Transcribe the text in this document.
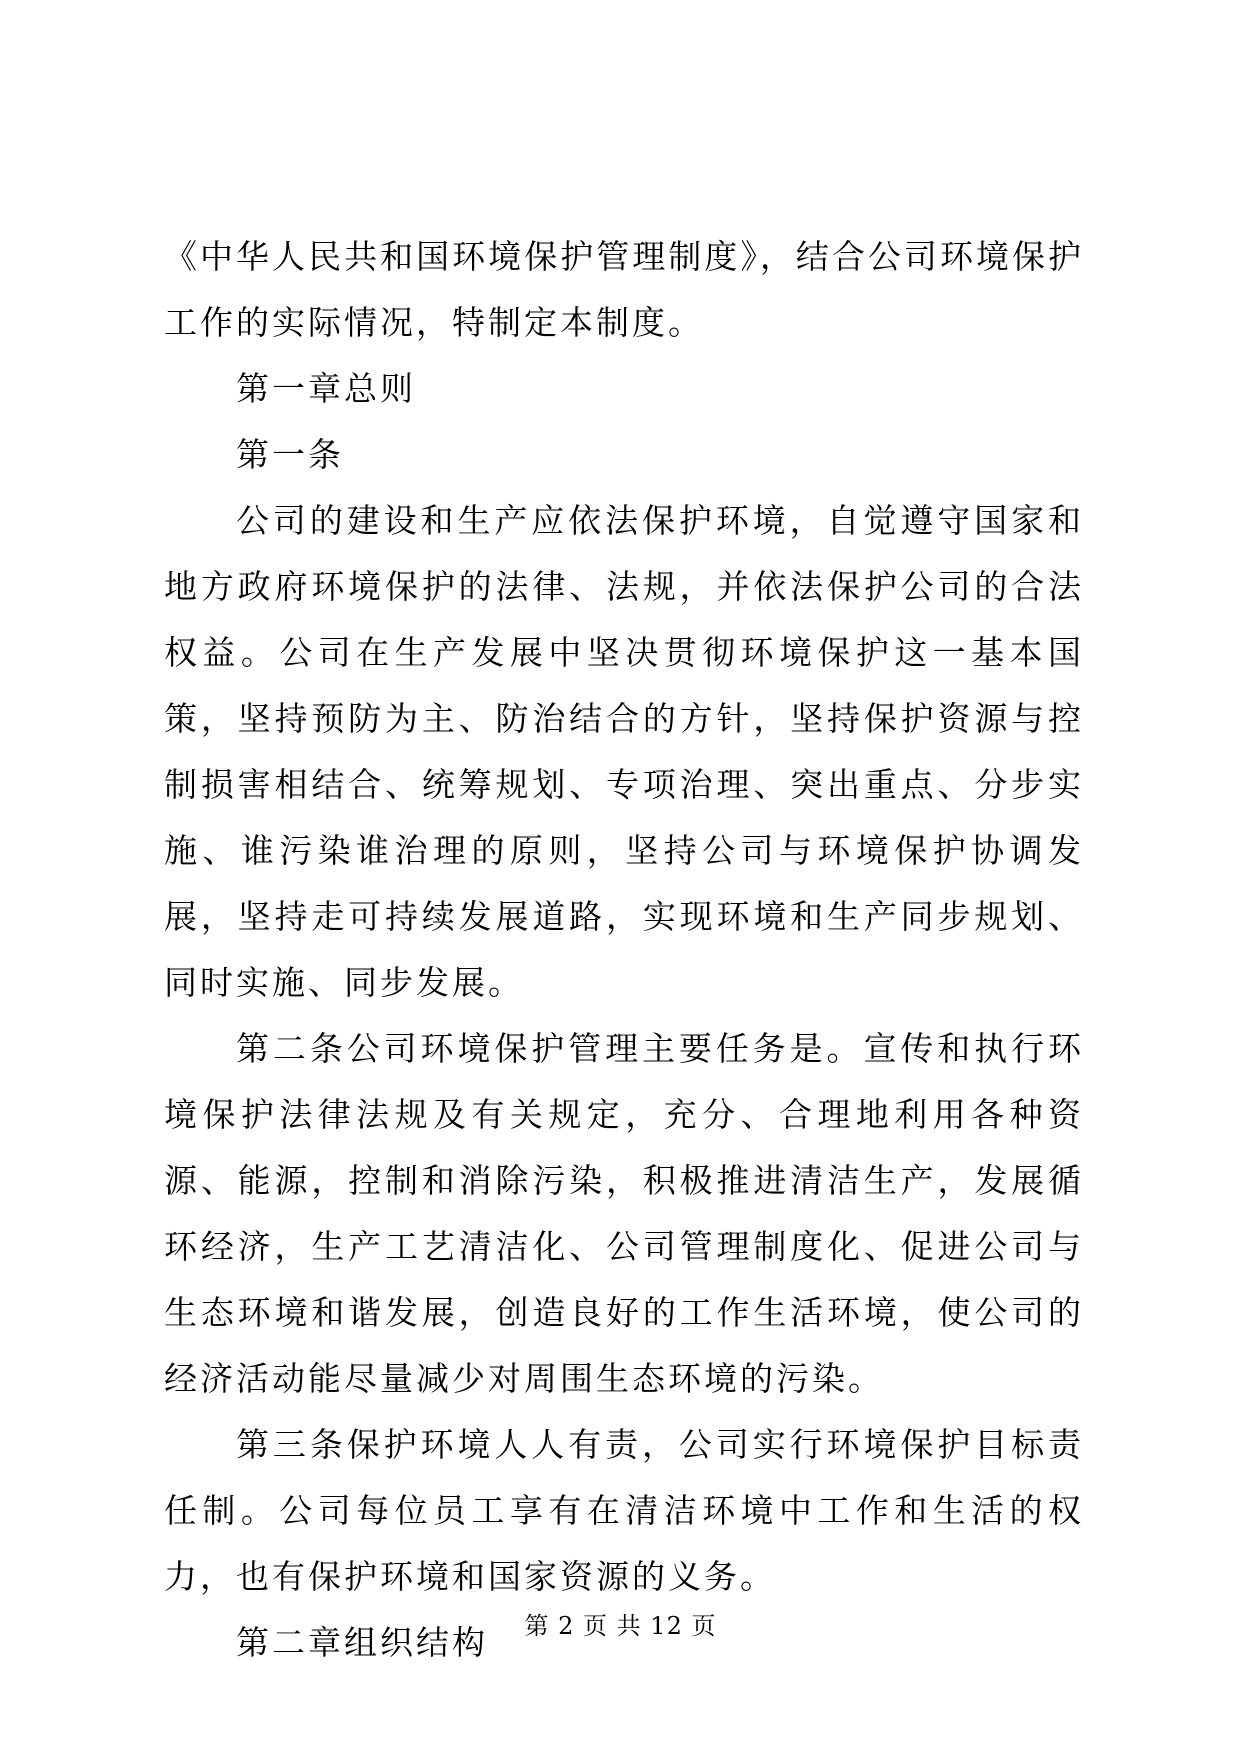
《中华人民共和国环境保护管理制度》，结合公司环境保护工作的实际情况，特制定本制度。

第一章总则

第一条

公司的建设和生产应依法保护环境，自觉遵守国家和地方政府环境保护的法律、法规，并依法保护公司的合法权益。公司在生产发展中坚决贯彻环境保护这一基本国策，坚持预防为主、防治结合的方针，坚持保护资源与控制损害相结合、统筹规划、专项治理、突出重点、分步实施、谁污染谁治理的原则，坚持公司与环境保护协调发展，坚持走可持续发展道路，实现环境和生产同步规划、同时实施、同步发展。

第二条公司环境保护管理主要任务是。宣传和执行环境保护法律法规及有关规定，充分、合理地利用各种资源、能源，控制和消除污染，积极推进清洁生产，发展循环经济，生产工艺清洁化、公司管理制度化、促进公司与生态环境和谐发展，创造良好的工作生活环境，使公司的经济活动能尽量减少对周围生态环境的污染。

第三条保护环境人人有责，公司实行环境保护目标责任制。公司每位员工享有在清洁环境中工作和生活的权力，也有保护环境和国家资源的义务。

第二章组织结构	第 2 页 共 12 页
